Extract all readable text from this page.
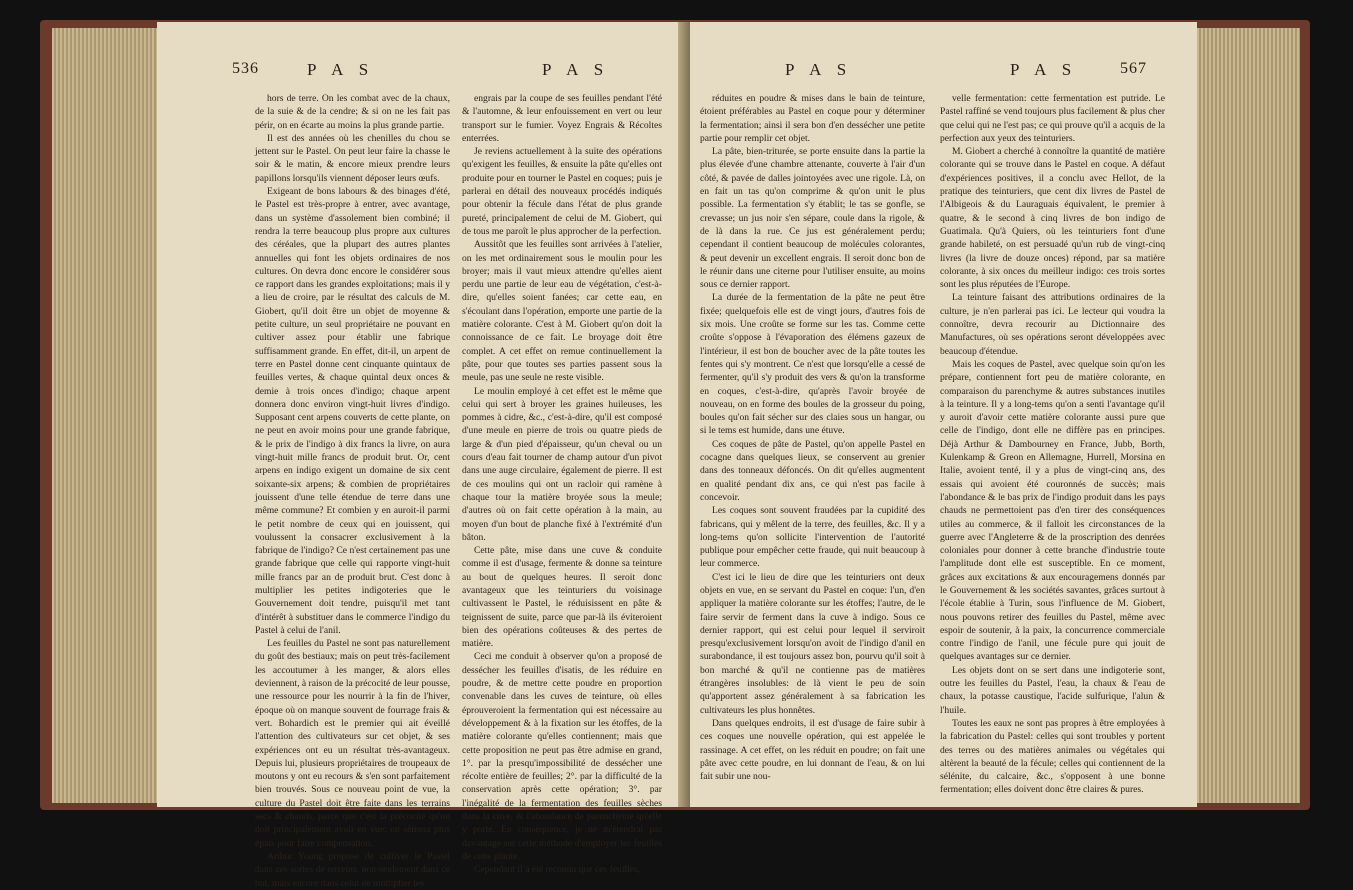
536	P A S	P A S

hors de terre. On les combat avec de la chaux, de la suie & de la cendre; & si on ne les fait pas périr, on en écarte au moins la plus grande partie.

Il est des années où les chenilles du chou se jettent sur le Pastel. On peut leur faire la chasse le soir & le matin, & encore mieux prendre leurs papillons lorsqu'ils viennent déposer leurs œufs.

Exigeant de bons labours & des binages d'été, le Pastel est très-propre à entrer, avec avantage, dans un système d'assolement bien combiné; il rendra la terre beaucoup plus propre aux cultures des céréales, que la plupart des autres plantes annuelles qui font les objets ordinaires de nos cultures. On devra donc encore le considérer sous ce rapport dans les grandes exploitations; mais il y a lieu de croire, par le résultat des calculs de M. Giobert, qu'il doit être un objet de moyenne & petite culture, un seul propriétaire ne pouvant en cultiver assez pour établir une fabrique suffisamment grande. En effet, dit-il, un arpent de terre en Pastel donne cent cinquante quintaux de feuilles vertes, & chaque quintal deux onces & demie à trois onces d'indigo; chaque arpent donnera donc environ vingt-huit livres d'indigo. Supposant cent arpens couverts de cette plante, on ne peut en avoir moins pour une grande fabrique, & le prix de l'indigo à dix francs la livre, on aura vingt-huit mille francs de produit brut. Or, cent arpens en indigo exigent un domaine de six cent soixante-six arpens; & combien de propriétaires jouissent d'une telle étendue de terre dans une même commune? Et combien y en auroit-il parmi le petit nombre de ceux qui en jouissent, qui voulussent la consacrer exclusivement à la fabrique de l'indigo? Ce n'est certainement pas une grande fabrique que celle qui rapporte vingt-huit mille francs par an de produit brut. C'est donc à multiplier les petites indigoteries que le Gouvernement doit tendre, puisqu'il met tant d'intérêt à substituer dans le commerce l'indigo du Pastel à celui de l'anil.

Les feuilles du Pastel ne sont pas naturellement du goût des bestiaux; mais on peut très-facilement les accoutumer à les manger, & alors elles deviennent, à raison de la précocité de leur pousse, une ressource pour les nourrir à la fin de l'hiver, époque où on manque souvent de fourrage frais & vert. Bohardich est le premier qui ait éveillé l'attention des cultivateurs sur cet objet, & ses expériences ont eu un résultat très-avantageux. Depuis lui, plusieurs propriétaires de troupeaux de moutons y ont eu recours & s'en sont parfaitement bien trouvés. Sous ce nouveau point de vue, la culture du Pastel doit être faite dans les terrains secs & chauds, parce que c'est la précocité qu'on doit principalement avoir en vue; on sèmera plus épais pour faire compensation.

Arthur Young propose de cultiver le Pastel dans ces sortes de terreins, non-seulement dans ce but, mais encore dans celui de multiplier les

engrais par la coupe de ses feuilles pendant l'été & l'automne, & leur enfouissement en vert ou leur transport sur le fumier. Voyez Engrais & Récoltes enterrées.

Je reviens actuellement à la suite des opérations qu'exigent les feuilles, & ensuite la pâte qu'elles ont produite pour en tourner le Pastel en coques; puis je parlerai en détail des nouveaux procédés indiqués pour obtenir la fécule dans l'état de plus grande pureté, principalement de celui de M. Giobert, qui de tous me paroît le plus approcher de la perfection.

Aussitôt que les feuilles sont arrivées à l'atelier, on les met ordinairement sous le moulin pour les broyer; mais il vaut mieux attendre qu'elles aient perdu une partie de leur eau de végétation, c'est-à-dire, qu'elles soient fanées; car cette eau, en s'écoulant dans l'opération, emporte une partie de la matière colorante. C'est à M. Giobert qu'on doit la connoissance de ce fait. Le broyage doit être complet. A cet effet on remue continuellement la pâte, pour que toutes ses parties passent sous la meule, pas une seule ne reste visible.

Le moulin employé à cet effet est le même que celui qui sert à broyer les graines huileuses, les pommes à cidre, &c., c'est-à-dire, qu'il est composé d'une meule en pierre de trois ou quatre pieds de large & d'un pied d'épaisseur, qu'un cheval ou un cours d'eau fait tourner de champ autour d'un pivot dans une auge circulaire, également de pierre. Il est de ces moulins qui ont un racloir qui ramène à chaque tour la matière broyée sous la meule; d'autres où on fait cette opération à la main, au moyen d'un bout de planche fixé à l'extrémité d'un bâton.

Cette pâte, mise dans une cuve & conduite comme il est d'usage, fermente & donne sa teinture au bout de quelques heures. Il seroit donc avantageux que les teinturiers du voisinage cultivassent le Pastel, le réduisissent en pâte & teignissent de suite, parce que par-là ils éviteroient bien des opérations coûteuses & des pertes de matière.

Ceci me conduit à observer qu'on a proposé de dessécher les feuilles d'isatis, de les réduire en poudre, & de mettre cette poudre en proportion convenable dans les cuves de teinture, où elles éprouveroient la fermentation qui est nécessaire au développement & à la fixation sur les étoffes, de la matière colorante qu'elles contiennent; mais que cette proposition ne peut pas être admise en grand, 1°. par la presqu'impossibilité de dessécher une récolte entière de feuilles; 2°. par la difficulté de la conservation après cette opération; 3°. par l'inégalité de la fermentation des feuilles sèches dans la cuve, & l'abondance de parenchyme qu'elle y porte. En conséquence, je ne m'étendrai pas davantage sur cette méthode d'employer les feuilles de cette plante.

Cependant il a été reconnu que ces feuilles,

P A S	P A S	567

réduites en poudre & mises dans le bain de teinture, étoient préférables au Pastel en coque pour y déterminer la fermentation; ainsi il sera bon d'en dessécher une petite partie pour remplir cet objet.

La pâte, bien-triturée, se porte ensuite dans la partie la plus élevée d'une chambre attenante, couverte à l'air d'un côté, & pavée de dalles jointoyées avec une rigole. Là, on en fait un tas qu'on comprime & qu'on unit le plus possible. La fermentation s'y établit; le tas se gonfle, se crevasse; un jus noir s'en sépare, coule dans la rigole, & de là dans la rue. Ce jus est généralement perdu; cependant il contient beaucoup de molécules colorantes, & peut devenir un excellent engrais. Il seroit donc bon de le réunir dans une citerne pour l'utiliser ensuite, au moins sous ce dernier rapport.

La durée de la fermentation de la pâte ne peut être fixée; quelquefois elle est de vingt jours, d'autres fois de six mois. Une croûte se forme sur les tas. Comme cette croûte s'oppose à l'évaporation des élémens gazeux de l'intérieur, il est bon de boucher avec de la pâte toutes les fentes qui s'y montrent. Ce n'est que lorsqu'elle a cessé de fermenter, qu'il s'y produit des vers & qu'on la transforme en coques, c'est-à-dire, qu'après l'avoir broyée de nouveau, on en forme des boules de la grosseur du poing, boules qu'on fait sécher sur des claies sous un hangar, ou si le tems est humide, dans une étuve.

Ces coques de pâte de Pastel, qu'on appelle Pastel en cocagne dans quelques lieux, se conservent au grenier dans des tonneaux défoncés. On dit qu'elles augmentent en qualité pendant dix ans, ce qui n'est pas facile à concevoir.

Les coques sont souvent fraudées par la cupidité des fabricans, qui y mêlent de la terre, des feuilles, &c. Il y a long-tems qu'on sollicite l'intervention de l'autorité publique pour empêcher cette fraude, qui nuit beaucoup à leur commerce.

C'est ici le lieu de dire que les teinturiers ont deux objets en vue, en se servant du Pastel en coque: l'un, d'en appliquer la matière colorante sur les étoffes; l'autre, de le faire servir de ferment dans la cuve à indigo. Sous ce dernier rapport, qui est celui pour lequel il serviroit presqu'exclusivement lorsqu'on avoit de l'indigo d'anil en surabondance, il est toujours assez bon, pourvu qu'il soit à bon marché & qu'il ne contienne pas de matières étrangères insolubles: de là vient le peu de soin qu'apportent assez généralement à sa fabrication les cultivateurs les plus honnêtes.

Dans quelques endroits, il est d'usage de faire subir à ces coques une nouvelle opération, qui est appelée le rassinage. A cet effet, on les réduit en poudre; on fait une pâte avec cette poudre, en lui donnant de l'eau, & on lui fait subir une nou-

velle fermentation: cette fermentation est putride. Le Pastel raffiné se vend toujours plus facilement & plus cher que celui qui ne l'est pas; ce qui prouve qu'il a acquis de la perfection aux yeux des teinturiers.

M. Giobert a cherché à connoître la quantité de matière colorante qui se trouve dans le Pastel en coque. A défaut d'expériences positives, il a conclu avec Hellot, de la pratique des teinturiers, que cent dix livres de Pastel de l'Albigeois & du Lauraguais équivalent, le premier à quatre, & le second à cinq livres de bon indigo de Guatimala. Qu'à Quiers, où les teinturiers font d'une grande habileté, on est persuadé qu'un rub de vingt-cinq livres (la livre de douze onces) répond, par sa matière colorante, à six onces du meilleur indigo: ces trois sortes sont les plus réputées de l'Europe.

La teinture faisant des attributions ordinaires de la culture, je n'en parlerai pas ici. Le lecteur qui voudra la connoître, devra recourir au Dictionnaire des Manufactures, où ses opérations seront développées avec beaucoup d'étendue.

Mais les coques de Pastel, avec quelque soin qu'on les prépare, contiennent fort peu de matière colorante, en comparaison du parenchyme & autres substances inutiles à la teinture. Il y a long-tems qu'on a senti l'avantage qu'il y auroit d'avoir cette matière colorante aussi pure que celle de l'indigo, dont elle ne diffère pas en principes. Déjà Arthur & Dambourney en France, Jubb, Borth, Kulenkamp & Greon en Allemagne, Hurrell, Morsina en Italie, avoient tenté, il y a plus de vingt-cinq ans, des essais qui avoient été couronnés de succès; mais l'abondance & le bas prix de l'indigo produit dans les pays chauds ne permettoient pas d'en tirer des conséquences utiles au commerce, & il falloit les circonstances de la guerre avec l'Angleterre & de la proscription des denrées coloniales pour donner à cette branche d'industrie toute l'amplitude dont elle est susceptible. En ce moment, grâces aux excitations & aux encouragemens donnés par le Gouvernement & les sociétés savantes, grâces surtout à l'école établie à Turin, sous l'influence de M. Giobert, nous pouvons retirer des feuilles du Pastel, même avec espoir de soutenir, à la paix, la concurrence commerciale contre l'indigo de l'anil, une fécule pure qui jouit de quelques avantages sur ce dernier.

Les objets dont on se sert dans une indigoterie sont, outre les feuilles du Pastel, l'eau, la chaux & l'eau de chaux, la potasse caustique, l'acide sulfurique, l'alun & l'huile.

Toutes les eaux ne sont pas propres à être employées à la fabrication du Pastel: celles qui sont troubles y portent des terres ou des matières animales ou végétales qui altèrent la beauté de la fécule; celles qui contiennent de la sélénite, du calcaire, &c., s'opposent à une bonne fermentation; elles doivent donc être claires & pures.
